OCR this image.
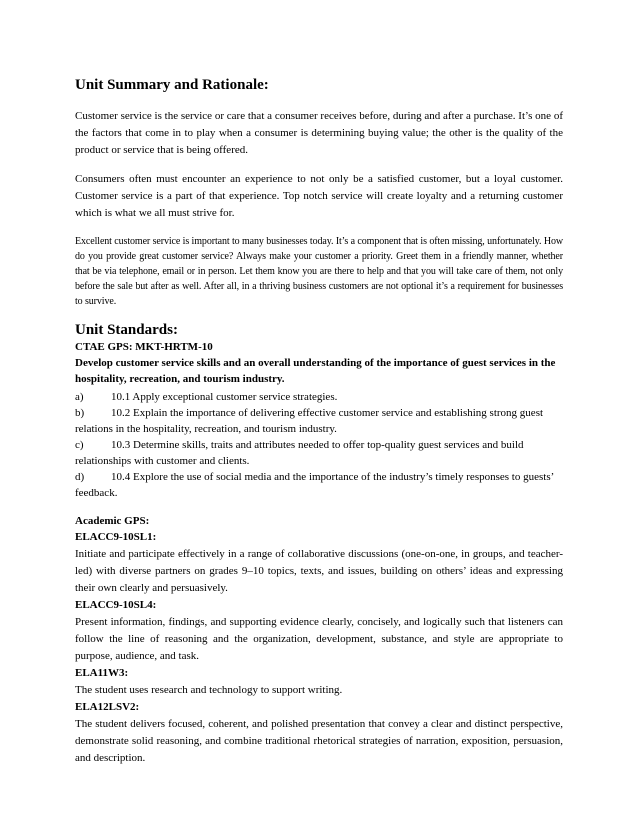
Unit Summary and Rationale:

Customer service is the service or care that a consumer receives before, during and after a purchase. It’s one of the factors that come in to play when a consumer is determining buying value; the other is the quality of the product or service that is being offered.

Consumers often must encounter an experience to not only be a satisfied customer, but a loyal customer. Customer service is a part of that experience. Top notch service will create loyalty and a returning customer which is what we all must strive for.

Excellent customer service is important to many businesses today. It’s a component that is often missing, unfortunately. How do you provide great customer service? Always make your customer a priority. Greet them in a friendly manner, whether that be via telephone, email or in person. Let them know you are there to help and that you will take care of them, not only before the sale but after as well. After all, in a thriving business customers are not optional it’s a requirement for businesses to survive.

Unit Standards:
CTAE GPS: MKT-HRTM-10
Develop customer service skills and an overall understanding of the importance of guest services in the hospitality, recreation, and tourism industry.
a) 10.1 Apply exceptional customer service strategies.
b) 10.2 Explain the importance of delivering effective customer service and establishing strong guest relations in the hospitality, recreation, and tourism industry.
c) 10.3 Determine skills, traits and attributes needed to offer top-quality guest services and build relationships with customer and clients.
d) 10.4 Explore the use of social media and the importance of the industry’s timely responses to guests’ feedback.
Academic GPS:
ELACC9-10SL1:
Initiate and participate effectively in a range of collaborative discussions (one-on-one, in groups, and teacher-led) with diverse partners on grades 9–10 topics, texts, and issues, building on others’ ideas and expressing their own clearly and persuasively.
ELACC9-10SL4:
Present information, findings, and supporting evidence clearly, concisely, and logically such that listeners can follow the line of reasoning and the organization, development, substance, and style are appropriate to purpose, audience, and task.
ELA11W3:
The student uses research and technology to support writing.
ELA12LSV2:
The student delivers focused, coherent, and polished presentation that convey a clear and distinct perspective, demonstrate solid reasoning, and combine traditional rhetorical strategies of narration, exposition, persuasion, and description.
